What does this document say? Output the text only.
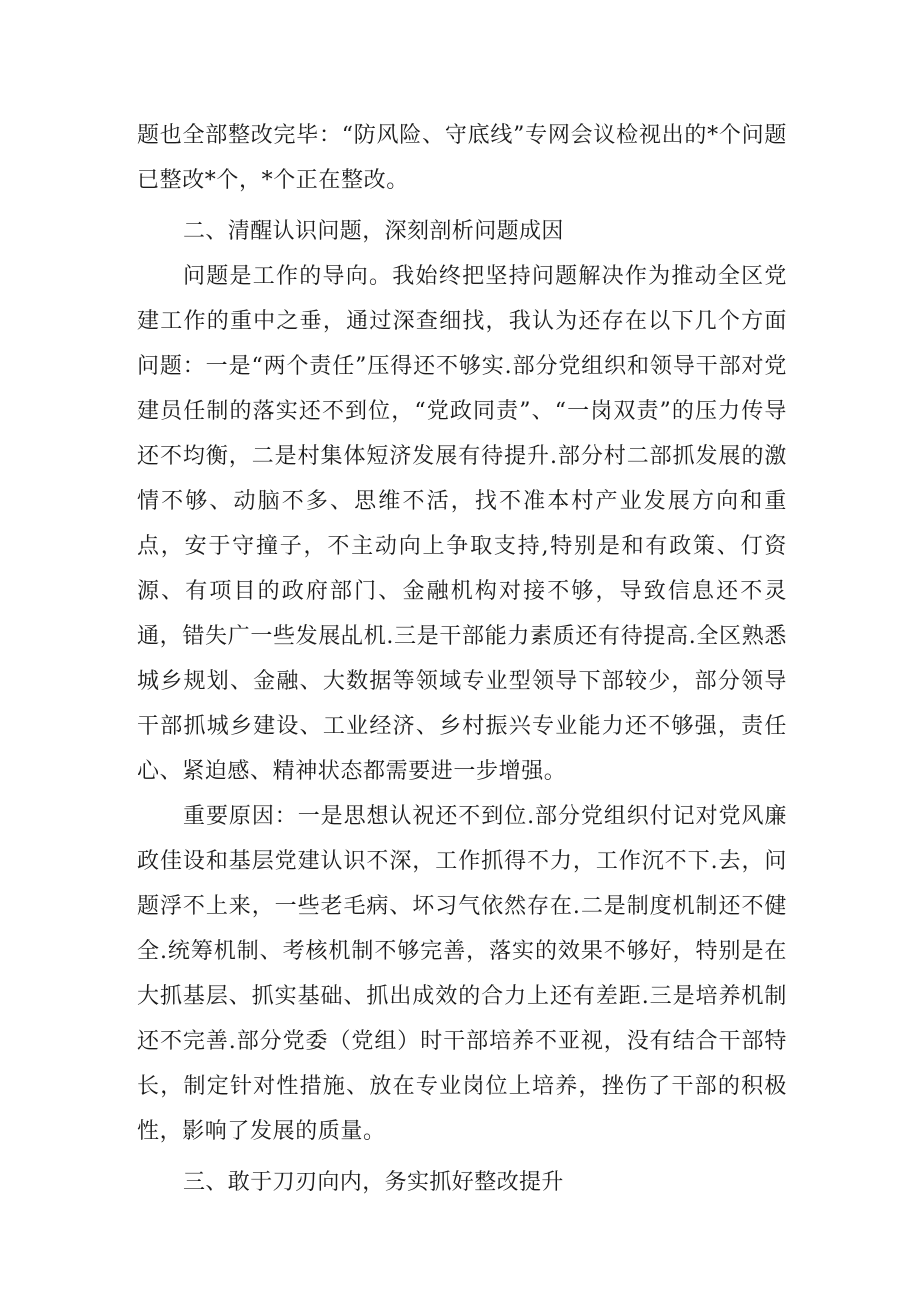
题也全部整改完毕：“防风险、守底线”专网会议检视出的*个问题已整改*个，*个正在整改。

二、清醒认识问题，深刻剖析问题成因

问题是工作的导向。我始终把坚持问题解决作为推动全区党建工作的重中之垂，通过深查细找，我认为还存在以下几个方面问题：一是“两个责任”压得还不够实.部分党组织和领导干部对党建员任制的落实还不到位，“党政同责”、“一岗双责”的压力传导还不均衡，二是村集体短济发展有待提升.部分村二部抓发展的激情不够、动脑不多、思维不活，找不准本村产业发展方向和重点，安于守撞子，不主动向上争取支持,特别是和有政策、仃资源、有项目的政府部门、金融机构对接不够，导致信息还不灵通，错失广一些发展乩机.三是干部能力素质还有待提高.全区熟悉城乡规划、金融、大数据等领域专业型领导下部较少，部分领导干部抓城乡建设、工业经济、乡村振兴专业能力还不够强，责任心、紧迫感、精神状态都需要进一步增强。

重要原因：一是思想认祝还不到位.部分党组织付记对党风廉政佳设和基层党建认识不深，工作抓得不力，工作沉不下.去，问题浮不上来，一些老毛病、坏习气依然存在.二是制度机制还不健全.统筹机制、考核机制不够完善，落实的效果不够好，特别是在大抓基层、抓实基础、抓出成效的合力上还有差距.三是培养机制还不完善.部分党委（党组）时干部培养不亚视，没有结合干部特长，制定针对性措施、放在专业岗位上培养，挫伤了干部的积极性，影响了发展的质量。

三、敢于刀刃向内，务实抓好整改提升
